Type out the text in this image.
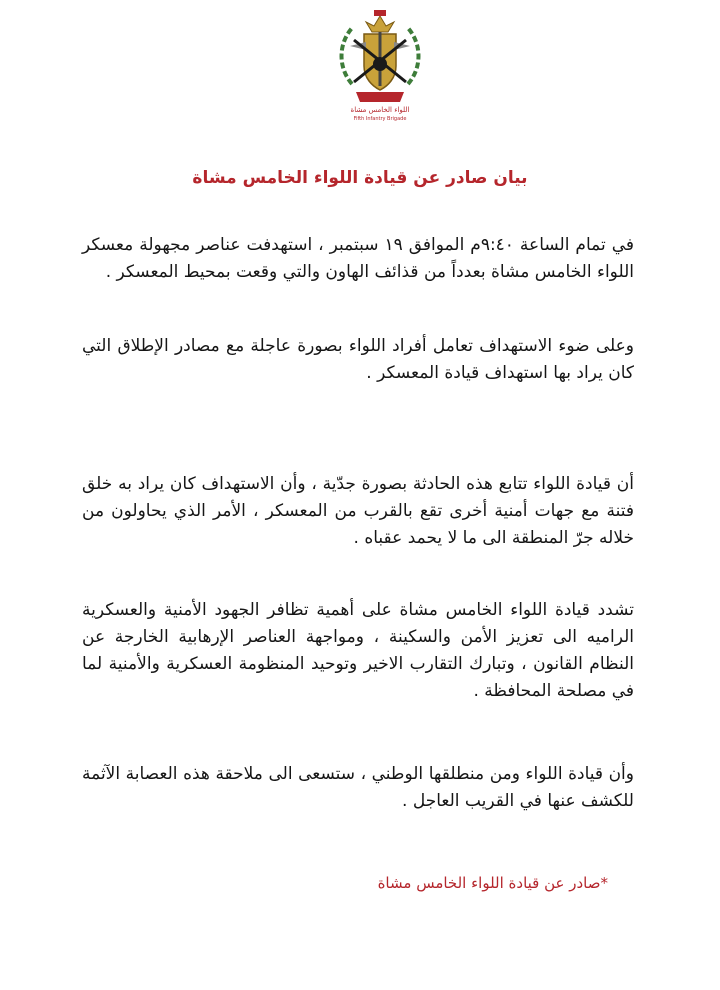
اللواء الخامس مشاة
Fifth Infantry Brigade
بيان صادر عن قيادة اللواء الخامس مشاة

في تمام الساعة ٩:٤٠م الموافق ١٩ سبتمبر ، استهدفت عناصر مجهولة معسكر اللواء الخامس مشاة بعدداً من قذائف الهاون والتي وقعت بمحيط المعسكر .

وعلى ضوء الاستهداف تعامل أفراد اللواء بصورة عاجلة مع مصادر الإطلاق التي كان يراد بها استهداف قيادة المعسكر .

أن قيادة اللواء تتابع هذه الحادثة بصورة جدّية ، وأن الاستهداف كان يراد به خلق فتنة مع جهات أمنية أخرى تقع بالقرب من المعسكر ، الأمر الذي يحاولون من خلاله جرّ المنطقة الى ما لا يحمد عقباه .

تشدد قيادة اللواء الخامس مشاة على أهمية تظافر الجهود الأمنية والعسكرية الراميه الى تعزيز الأمن والسكينة ، ومواجهة العناصر الإرهابية الخارجة عن النظام القانون ، وتبارك التقارب الاخير وتوحيد المنظومة العسكرية والأمنية لما في مصلحة المحافظة .

وأن قيادة اللواء ومن منطلقها الوطني ، ستسعى الى ملاحقة هذه العصابة الآثمة للكشف عنها في القريب العاجل .

*صادر عن قيادة اللواء الخامس مشاة
